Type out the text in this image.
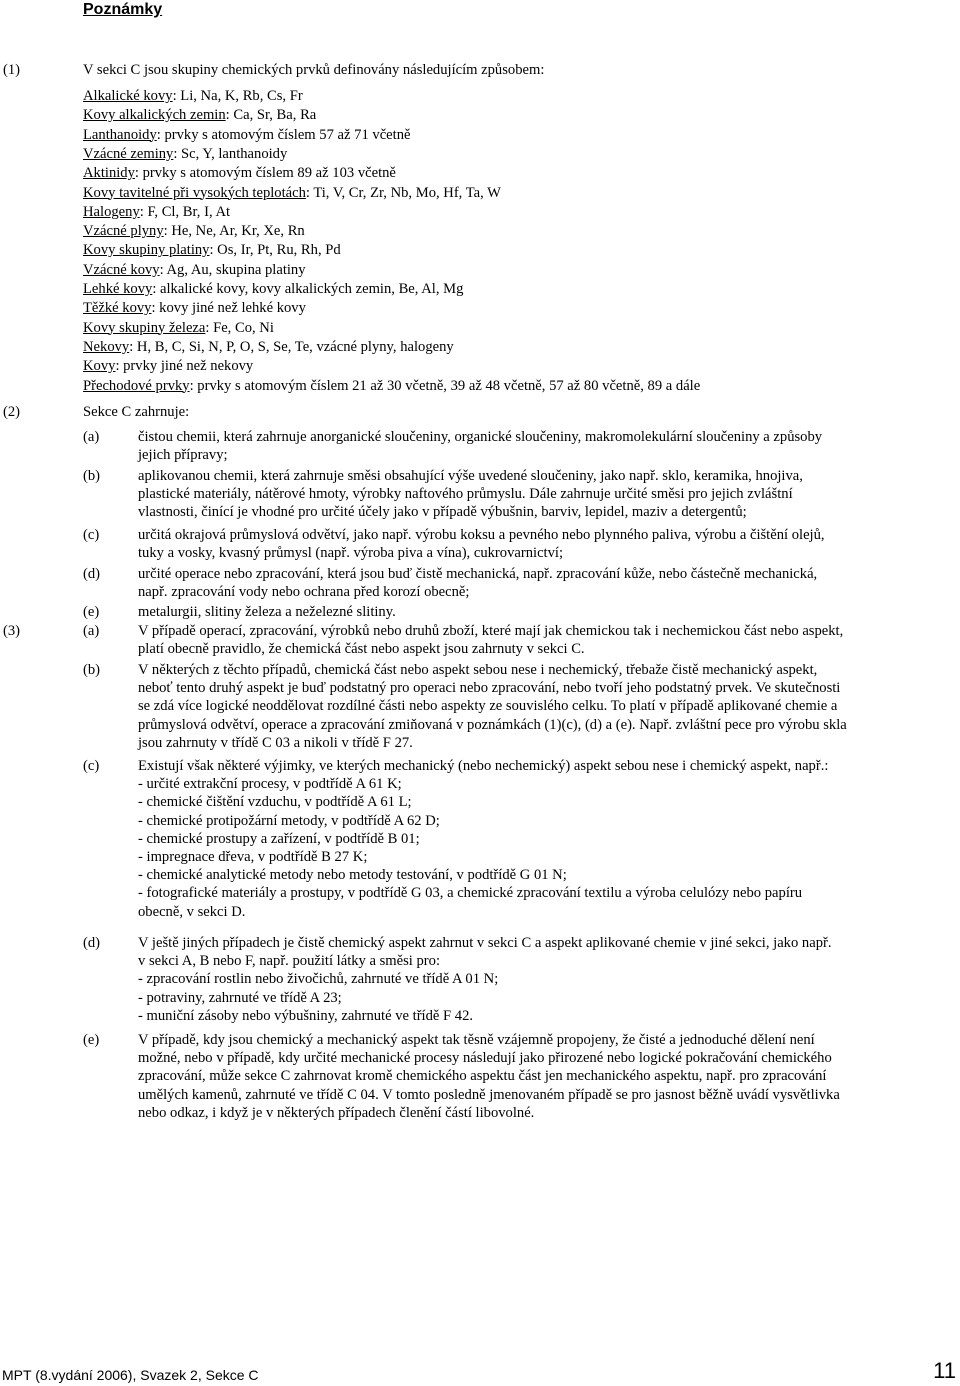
Poznámky
(1)	V sekci C jsou skupiny chemických prvků definovány následujícím způsobem:
Alkalické kovy: Li, Na, K, Rb, Cs, Fr
Kovy alkalických zemin: Ca, Sr, Ba, Ra
Lanthanoidy: prvky s atomovým číslem 57 až 71 včetně
Vzácné zeminy: Sc, Y, lanthanoidy
Aktinidy: prvky s atomovým číslem 89 až 103 včetně
Kovy tavitelné při vysokých teplotách: Ti, V, Cr, Zr, Nb, Mo, Hf, Ta, W
Halogeny: F, Cl, Br, I, At
Vzácné plyny: He, Ne, Ar, Kr, Xe, Rn
Kovy skupiny platiny: Os, Ir, Pt, Ru, Rh, Pd
Vzácné kovy: Ag, Au, skupina platiny
Lehké kovy: alkalické kovy, kovy alkalických zemin, Be, Al, Mg
Těžké kovy: kovy jiné než lehké kovy
Kovy skupiny železa: Fe, Co, Ni
Nekovy: H, B, C, Si, N, P, O, S, Se, Te, vzácné plyny, halogeny
Kovy: prvky jiné než nekovy
Přechodové prvky: prvky s atomovým číslem 21 až 30 včetně, 39 až 48 včetně, 57 až 80 včetně, 89 a dále
(2)	Sekce C zahrnuje:
(a)	čistou chemii, která zahrnuje anorganické sloučeniny, organické sloučeniny, makromolekulární sloučeniny a způsoby
jejich přípravy;
(b)	aplikovanou chemii, která zahrnuje směsi obsahující výše uvedené sloučeniny, jako např. sklo, keramika, hnojiva,
plastické materiály, nátěrové hmoty, výrobky naftového průmyslu. Dále zahrnuje určité směsi pro jejich zvláštní
vlastnosti, činící je vhodné pro určité účely jako v případě výbušnin, barviv, lepidel, maziv a detergentů;
(c)	určitá okrajová průmyslová odvětví, jako např. výrobu koksu a pevného nebo plynného paliva, výrobu a čištění olejů,
tuky a vosky, kvasný průmysl (např. výroba piva a vína), cukrovarnictví;
(d)	určité operace nebo zpracování, která jsou buď čistě mechanická, např. zpracování kůže, nebo částečně mechanická,
např. zpracování vody nebo ochrana před korozí obecně;
(e)	metalurgii, slitiny železa a neželezné slitiny.
(3)	(a)	V případě operací, zpracování, výrobků nebo druhů zboží, které mají jak chemickou tak i nechemickou část nebo aspekt,
platí obecně pravidlo, že chemická část nebo aspekt jsou zahrnuty v sekci C.
(b)	V některých z těchto případů, chemická část nebo aspekt sebou nese i nechemický, třebaže čistě mechanický aspekt,
neboť tento druhý aspekt je buď podstatný pro operaci nebo zpracování, nebo tvoří jeho podstatný prvek. Ve skutečnosti
se zdá více logické neoddělovat rozdílné části nebo aspekty ze souvislého celku. To platí v případě aplikované chemie a
průmyslová odvětví, operace a zpracování zmiňovaná v poznámkách (1)(c), (d) a (e). Např. zvláštní pece pro výrobu skla
jsou zahrnuty v třídě C 03 a nikoli v třídě F 27.
(c)	Existují však některé výjimky, ve kterých mechanický (nebo nechemický) aspekt sebou nese i chemický aspekt, např.:
- určité extrakční procesy, v podtřídě A 61 K;
- chemické čištění vzduchu, v podtřídě A 61 L;
- chemické protipožární metody, v podtřídě A 62 D;
- chemické prostupy a zařízení, v podtřídě B 01;
- impregnace dřeva, v podtřídě B 27 K;
- chemické analytické metody nebo metody testování, v podtřídě G 01 N;
- fotografické materiály a prostupy, v podtřídě G 03, a chemické zpracování textilu a výroba celulózy nebo papíru
obecně, v sekci D.
(d)	V ještě jiných případech je čistě chemický aspekt zahrnut v sekci C a aspekt aplikované chemie v jiné sekci, jako např.
v sekci A, B nebo F, např. použití látky a směsi pro:
- zpracování rostlin nebo živočichů, zahrnuté ve třídě A 01 N;
- potraviny, zahrnuté ve třídě A 23;
- muniční zásoby nebo výbušniny, zahrnuté ve třídě F 42.
(e)	V případě, kdy jsou chemický a mechanický aspekt tak těsně vzájemně propojeny, že čisté a jednoduché dělení není
možné, nebo v případě, kdy určité mechanické procesy následují jako přirozené nebo logické pokračování chemického
zpracování, může sekce C zahrnovat kromě chemického aspektu část jen mechanického aspektu, např. pro zpracování
umělých kamenů, zahrnuté ve třídě C 04. V tomto posledně jmenovaném případě se pro jasnost běžně uvádí vysvětlivka
nebo odkaz, i když je v některých případech členění částí libovolné.
MPT (8.vydání 2006), Svazek 2, Sekce C	11
